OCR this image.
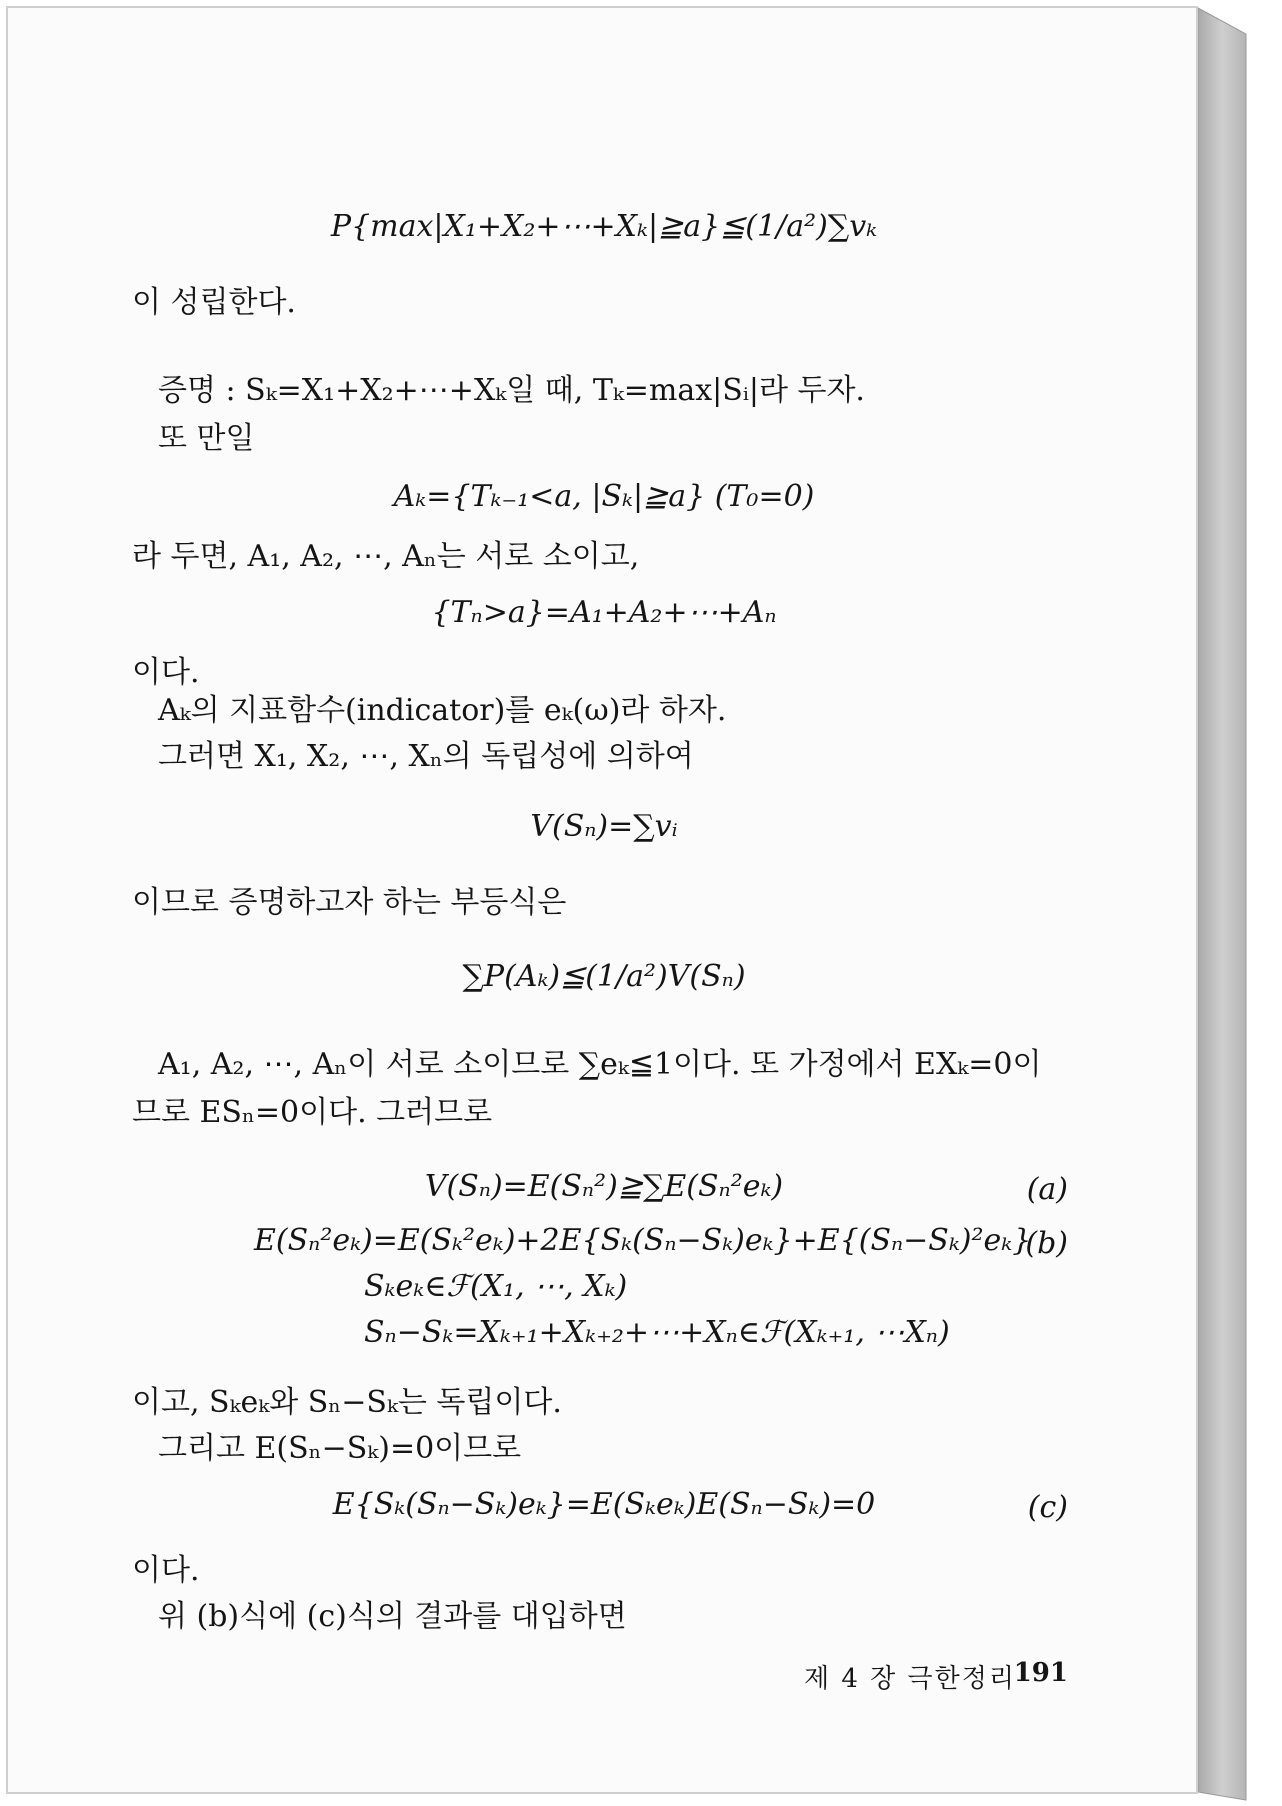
P{max|X₁+X₂+⋯+Xₖ|≧a}≦(1/a²)∑vₖ
이 성립한다.
증명 : Sₖ=X₁+X₂+⋯+Xₖ일 때, Tₖ=max|Sᵢ|라 두자.
또 만일
Aₖ={Tₖ₋₁<a, |Sₖ|≧a} (T₀=0)
라 두면, A₁, A₂, ⋯, Aₙ는 서로 소이고,
{Tₙ>a}=A₁+A₂+⋯+Aₙ
이다.
Aₖ의 지표함수(indicator)를 eₖ(ω)라 하자.
그러면 X₁, X₂, ⋯, Xₙ의 독립성에 의하여
V(Sₙ)=∑vᵢ
이므로 증명하고자 하는 부등식은
∑P(Aₖ)≦(1/a²)V(Sₙ)
A₁, A₂, ⋯, Aₙ이 서로 소이므로 ∑eₖ≦1이다. 또 가정에서 EXₖ=0이
므로 ESₙ=0이다. 그러므로
V(Sₙ)=E(Sₙ²)≧∑E(Sₙ²eₖ)	(a)
E(Sₙ²eₖ)=E(Sₖ²eₖ)+2E{Sₖ(Sₙ−Sₖ)eₖ}+E{(Sₙ−Sₖ)²eₖ}
(b)
Sₖeₖ∈ℱ(X₁, ⋯, Xₖ)
Sₙ−Sₖ=Xₖ₊₁+Xₖ₊₂+⋯+Xₙ∈ℱ(Xₖ₊₁, ⋯Xₙ)
이고, Sₖeₖ와 Sₙ−Sₖ는 독립이다.
그리고 E(Sₙ−Sₖ)=0이므로
E{Sₖ(Sₙ−Sₖ)eₖ}=E(Sₖeₖ)E(Sₙ−Sₖ)=0	(c)
이다.
위 (b)식에 (c)식의 결과를 대입하면
제 4 장 극한정리
191
